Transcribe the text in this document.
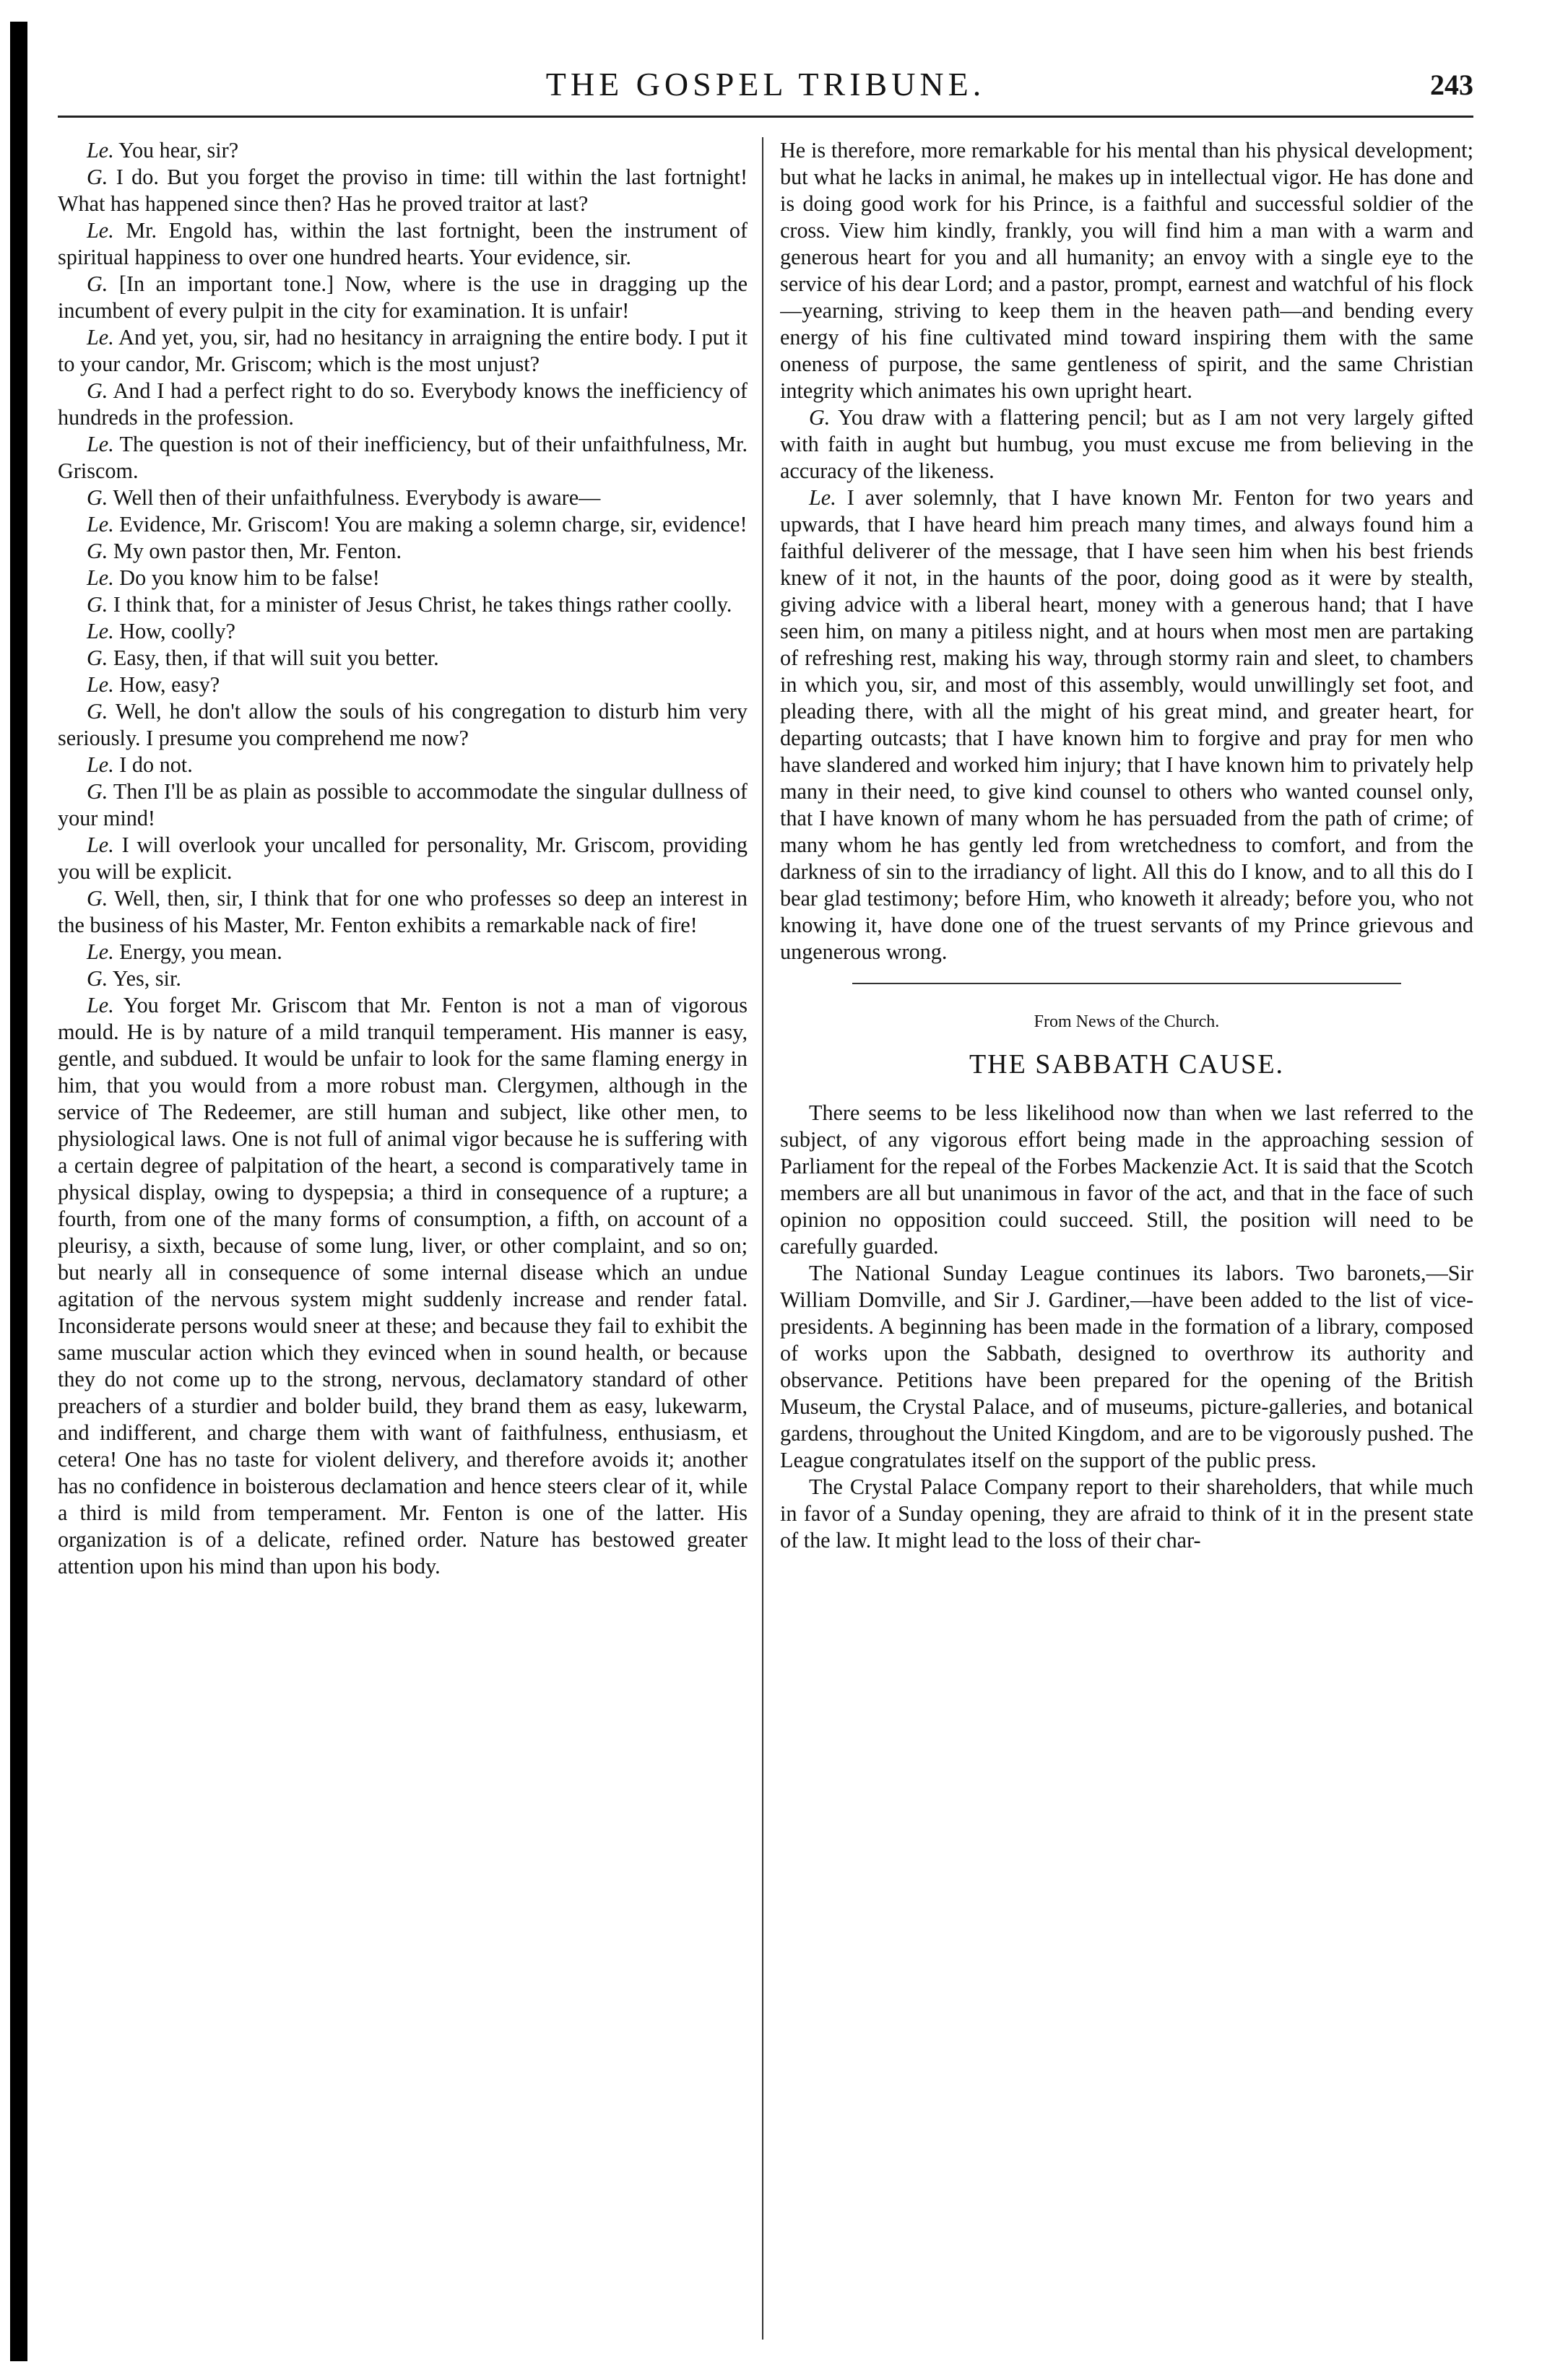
THE GOSPEL TRIBUNE.	243

Le. You hear, sir?

G. I do. But you forget the proviso in time: till within the last fortnight! What has happened since then? Has he proved traitor at last?

Le. Mr. Engold has, within the last fortnight, been the instrument of spiritual happiness to over one hundred hearts. Your evidence, sir.

G. [In an important tone.] Now, where is the use in dragging up the incumbent of every pulpit in the city for examination. It is unfair!

Le. And yet, you, sir, had no hesitancy in arraigning the entire body. I put it to your candor, Mr. Griscom; which is the most unjust?

G. And I had a perfect right to do so. Everybody knows the inefficiency of hundreds in the profession.

Le. The question is not of their inefficiency, but of their unfaithfulness, Mr. Griscom.

G. Well then of their unfaithfulness. Everybody is aware—

Le. Evidence, Mr. Griscom! You are making a solemn charge, sir, evidence!

G. My own pastor then, Mr. Fenton.

Le. Do you know him to be false!

G. I think that, for a minister of Jesus Christ, he takes things rather coolly.

Le. How, coolly?

G. Easy, then, if that will suit you better.

Le. How, easy?

G. Well, he don't allow the souls of his congregation to disturb him very seriously. I presume you comprehend me now?

Le. I do not.

G. Then I'll be as plain as possible to accommodate the singular dullness of your mind!

Le. I will overlook your uncalled for personality, Mr. Griscom, providing you will be explicit.

G. Well, then, sir, I think that for one who professes so deep an interest in the business of his Master, Mr. Fenton exhibits a remarkable nack of fire!

Le. Energy, you mean.

G. Yes, sir.

Le. You forget Mr. Griscom that Mr. Fenton is not a man of vigorous mould. He is by nature of a mild tranquil temperament. His manner is easy, gentle, and subdued. It would be unfair to look for the same flaming energy in him, that you would from a more robust man. Clergymen, although in the service of The Redeemer, are still human and subject, like other men, to physiological laws. One is not full of animal vigor because he is suffering with a certain degree of palpitation of the heart, a second is comparatively tame in physical display, owing to dyspepsia; a third in consequence of a rupture; a fourth, from one of the many forms of consumption, a fifth, on account of a pleurisy, a sixth, because of some lung, liver, or other complaint, and so on; but nearly all in consequence of some internal disease which an undue agitation of the nervous system might suddenly increase and render fatal. Inconsiderate persons would sneer at these; and because they fail to exhibit the same muscular action which they evinced when in sound health, or because they do not come up to the strong, nervous, declamatory standard of other preachers of a sturdier and bolder build, they brand them as easy, lukewarm, and indifferent, and charge them with want of faithfulness, enthusiasm, et cetera! One has no taste for violent delivery, and therefore avoids it; another has no confidence in boisterous declamation and hence steers clear of it, while a third is mild from temperament. Mr. Fenton is one of the latter. His organization is of a delicate, refined order. Nature has bestowed greater attention upon his mind than upon his body.

He is therefore, more remarkable for his mental than his physical development; but what he lacks in animal, he makes up in intellectual vigor. He has done and is doing good work for his Prince, is a faithful and successful soldier of the cross. View him kindly, frankly, you will find him a man with a warm and generous heart for you and all humanity; an envoy with a single eye to the service of his dear Lord; and a pastor, prompt, earnest and watchful of his flock—yearning, striving to keep them in the heaven path—and bending every energy of his fine cultivated mind toward inspiring them with the same oneness of purpose, the same gentleness of spirit, and the same Christian integrity which animates his own upright heart.

G. You draw with a flattering pencil; but as I am not very largely gifted with faith in aught but humbug, you must excuse me from believing in the accuracy of the likeness.

Le. I aver solemnly, that I have known Mr. Fenton for two years and upwards, that I have heard him preach many times, and always found him a faithful deliverer of the message, that I have seen him when his best friends knew of it not, in the haunts of the poor, doing good as it were by stealth, giving advice with a liberal heart, money with a generous hand; that I have seen him, on many a pitiless night, and at hours when most men are partaking of refreshing rest, making his way, through stormy rain and sleet, to chambers in which you, sir, and most of this assembly, would unwillingly set foot, and pleading there, with all the might of his great mind, and greater heart, for departing outcasts; that I have known him to forgive and pray for men who have slandered and worked him injury; that I have known him to privately help many in their need, to give kind counsel to others who wanted counsel only, that I have known of many whom he has persuaded from the path of crime; of many whom he has gently led from wretchedness to comfort, and from the darkness of sin to the irradiancy of light. All this do I know, and to all this do I bear glad testimony; before Him, who knoweth it already; before you, who not knowing it, have done one of the truest servants of my Prince grievous and ungenerous wrong.

From News of the Church.
THE SABBATH CAUSE.

There seems to be less likelihood now than when we last referred to the subject, of any vigorous effort being made in the approaching session of Parliament for the repeal of the Forbes Mackenzie Act. It is said that the Scotch members are all but unanimous in favor of the act, and that in the face of such opinion no opposition could succeed. Still, the position will need to be carefully guarded.

The National Sunday League continues its labors. Two baronets,—Sir William Domville, and Sir J. Gardiner,—have been added to the list of vice-presidents. A beginning has been made in the formation of a library, composed of works upon the Sabbath, designed to overthrow its authority and observance. Petitions have been prepared for the opening of the British Museum, the Crystal Palace, and of museums, picture-galleries, and botanical gardens, throughout the United Kingdom, and are to be vigorously pushed. The League congratulates itself on the support of the public press.

The Crystal Palace Company report to their shareholders, that while much in favor of a Sunday opening, they are afraid to think of it in the present state of the law. It might lead to the loss of their char-
